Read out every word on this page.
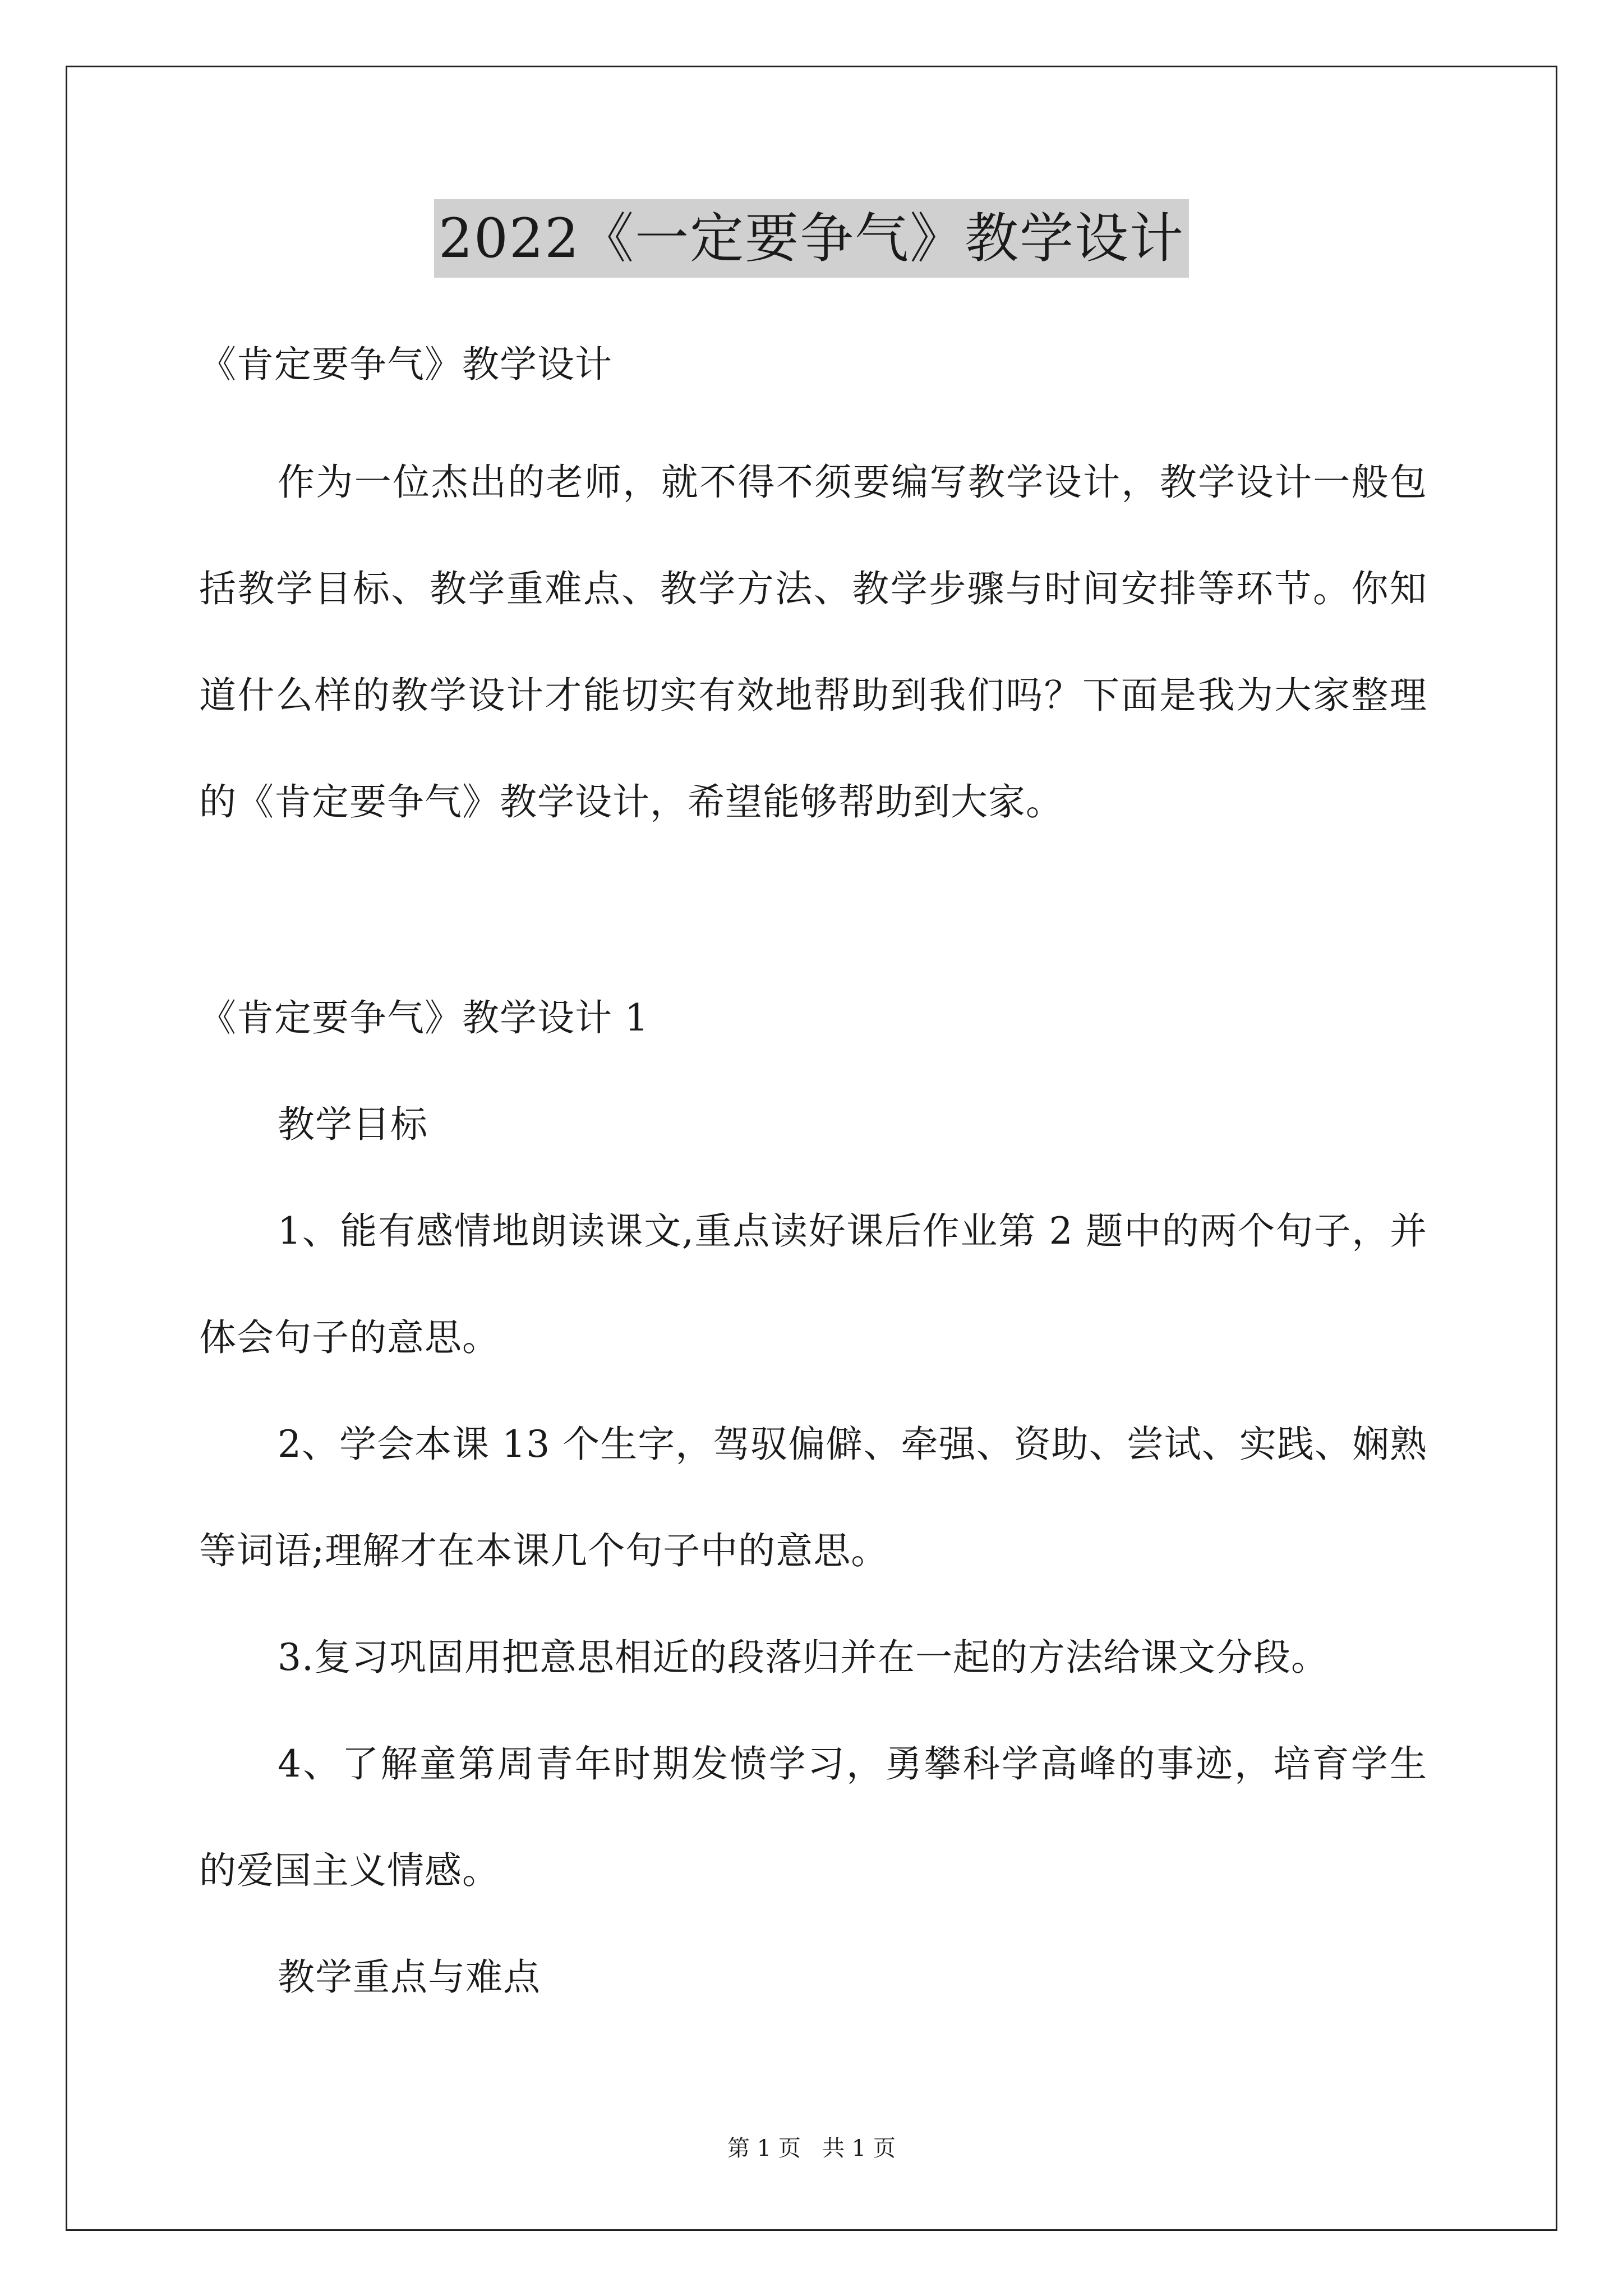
2022《一定要争气》教学设计

《肯定要争气》教学设计

作为一位杰出的老师，就不得不须要编写教学设计，教学设计一般包括教学目标、教学重难点、教学方法、教学步骤与时间安排等环节。你知道什么样的教学设计才能切实有效地帮助到我们吗？下面是我为大家整理的《肯定要争气》教学设计，希望能够帮助到大家。

《肯定要争气》教学设计 1

教学目标

1、能有感情地朗读课文,重点读好课后作业第 2 题中的两个句子，并体会句子的意思。

2、学会本课 13 个生字，驾驭偏僻、牵强、资助、尝试、实践、娴熟等词语;理解才在本课几个句子中的意思。

3.复习巩固用把意思相近的段落归并在一起的方法给课文分段。

4、了解童第周青年时期发愤学习，勇攀科学高峰的事迹，培育学生的爱国主义情感。

教学重点与难点

第 1 页 共 1 页
